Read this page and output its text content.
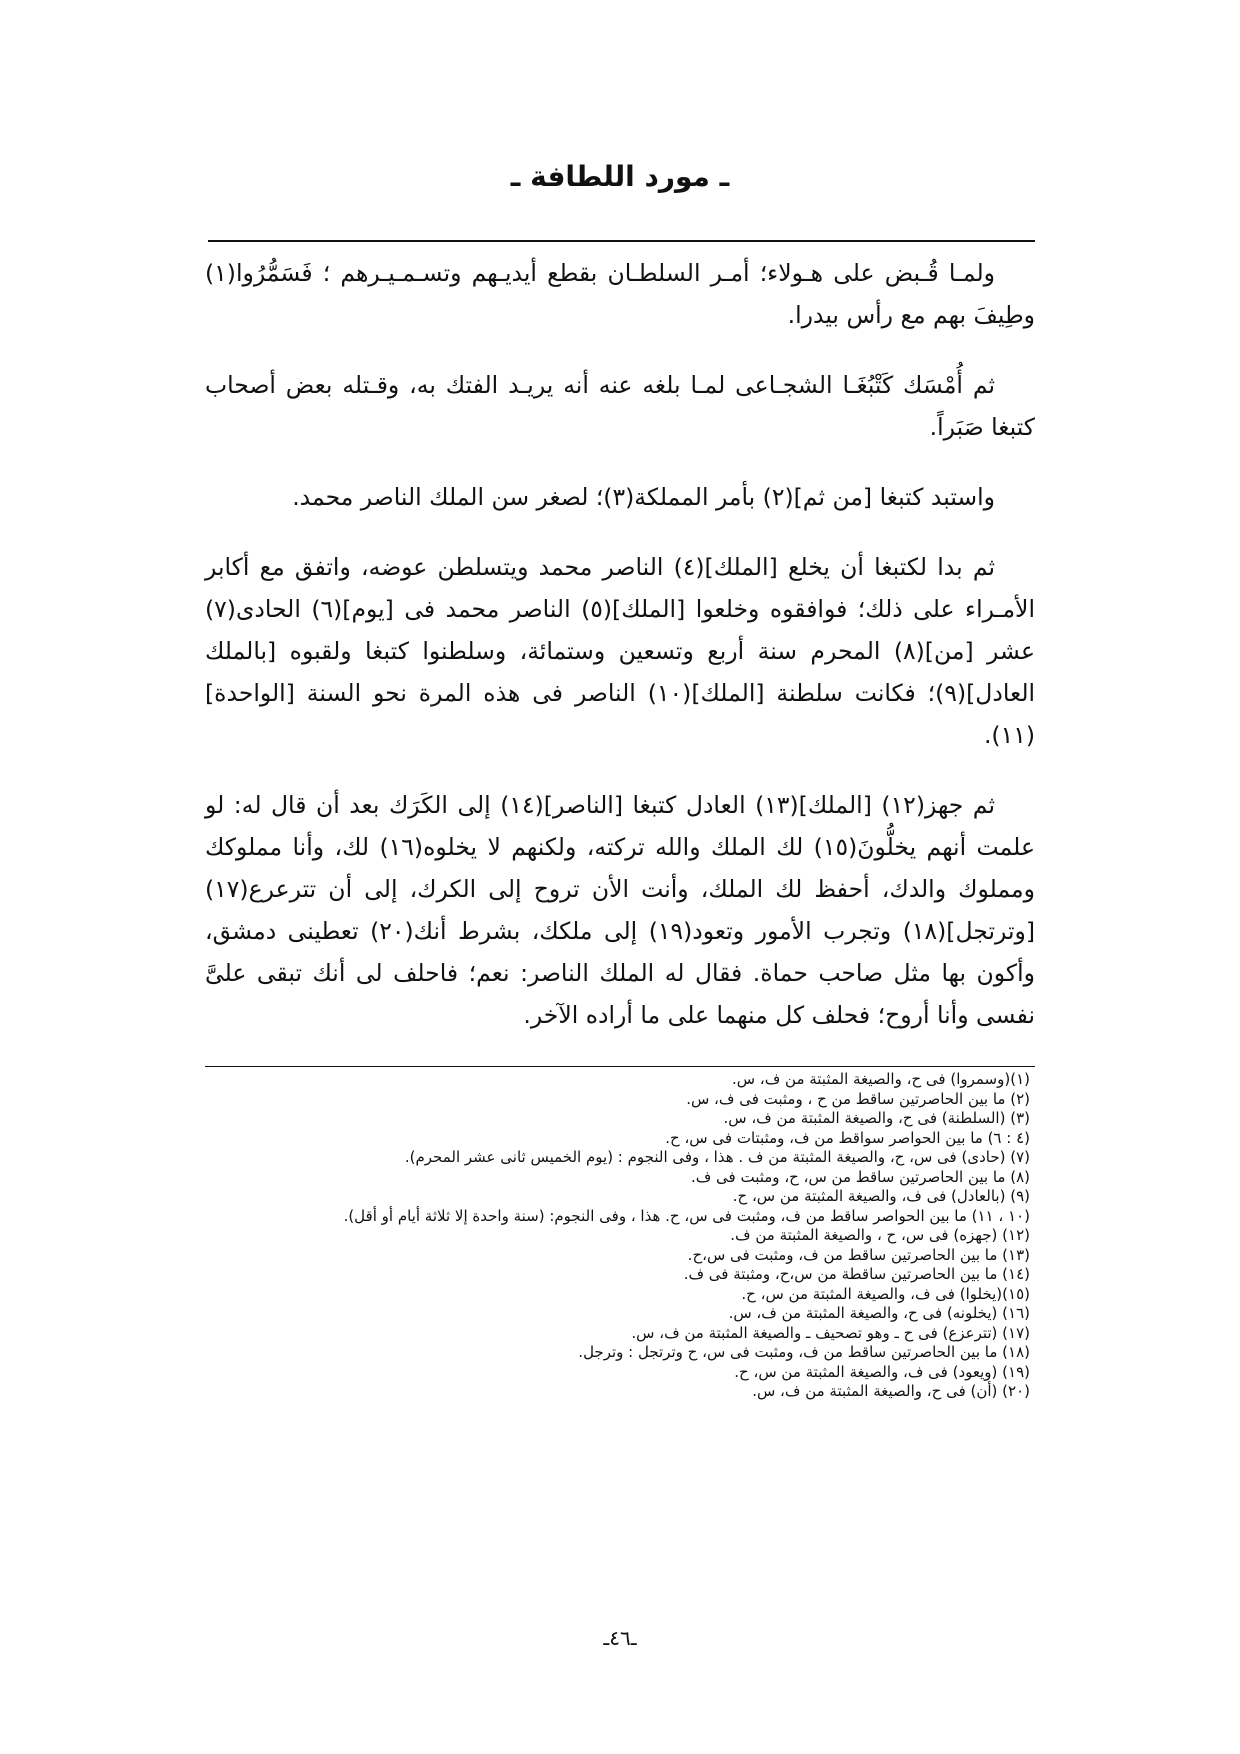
ـ مورد اللطافة ـ

ولمـا قُـبض على هـولاء؛ أمـر السلطـان بقطع أيديـهم وتسـمـيـرهم ؛ فَسَمُّرُوا(١) وطِيفَ بهم مع رأس بيدرا.

ثم أُمْسَك كَتْبُغَـا الشجـاعى لمـا بلغه عنه أنه يريـد الفتك به، وقـتله بعض أصحاب كتبغا صَبَراً.

واستبد كتبغا [من ثم](٢) بأمر المملكة(٣)؛ لصغر سن الملك الناصر محمد.

ثم بدا لكتبغا أن يخلع [الملك](٤) الناصر محمد ويتسلطن عوضه، واتفق مع أكابر الأمـراء على ذلك؛ فوافقوه وخلعوا [الملك](٥) الناصر محمد فى [يوم](٦) الحادى(٧) عشر [من](٨) المحرم سنة أربع وتسعين وستمائة، وسلطنوا كتبغا ولقبوه [بالملك العادل](٩)؛ فكانت سلطنة [الملك](١٠) الناصر فى هذه المرة نحو السنة [الواحدة](١١).

ثم جهز(١٢) [الملك](١٣) العادل كتبغا [الناصر](١٤) إلى الكَرَك بعد أن قال له: لو علمت أنهم يخلُّونَ(١٥) لك الملك والله تركته، ولكنهم لا يخلوه(١٦) لك، وأنا مملوكك ومملوك والدك، أحفظ لك الملك، وأنت الأن تروح إلى الكرك، إلى أن تترعرع(١٧)[وترتجل](١٨) وتجرب الأمور وتعود(١٩) إلى ملكك، بشرط أنك(٢٠) تعطينى دمشق، وأكون بها مثل صاحب حماة. فقال له الملك الناصر: نعم؛ فاحلف لى أنك تبقى علىَّ نفسى وأنا أروح؛ فحلف كل منهما على ما أراده الآخر.

(١)(وسمروا) فى ح، والصيغة المثبتة من ف، س.

(٢) ما بين الحاصرتين ساقط من ح ، ومثبت فى ف، س.

(٣) (السلطنة) فى ح، والصيغة المثبتة من ف، س.

(٤ : ٦) ما بين الحواصر سواقط من ف، ومثبتات فى س، ح.

(٧) (حادى) فى س، ح، والصيغة المثبتة من ف . هذا ، وفى النجوم : (يوم الخميس ثانى عشر المحرم).

(٨) ما بين الحاصرتين ساقط من س، ح، ومثبت فى ف.

(٩) (بالعادل) فى ف، والصيغة المثبتة من س، ح.

(١٠ ، ١١) ما بين الحواصر ساقط من ف، ومثبت فى س، ح. هذا ، وفى النجوم: (سنة واحدة إلا ثلاثة أيام أو أقل).

(١٢) (جهزه) فى س، ح ، والصيغة المثبتة من ف.

(١٣) ما بين الحاصرتين ساقط من ف، ومثبت فى س،ح.

(١٤) ما بين الحاصرتين ساقطة من س،ح، ومثبتة فى ف.

(١٥)(يخلوا) فى ف، والصيغة المثبتة من س، ح.

(١٦) (يخلونه) فى ح، والصيغة المثبتة من ف، س.

(١٧) (تترعزع) فى ح ـ وهو تصحيف ـ والصيغة المثبتة من ف، س.

(١٨) ما بين الحاصرتين ساقط من ف، ومثبت فى س، ح وترتجل : وترجل.

(١٩) (ويعود) فى ف، والصيغة المثبتة من س، ح.

(٢٠) (أن) فى ح، والصيغة المثبتة من ف، س.

ـ٤٦ـ
